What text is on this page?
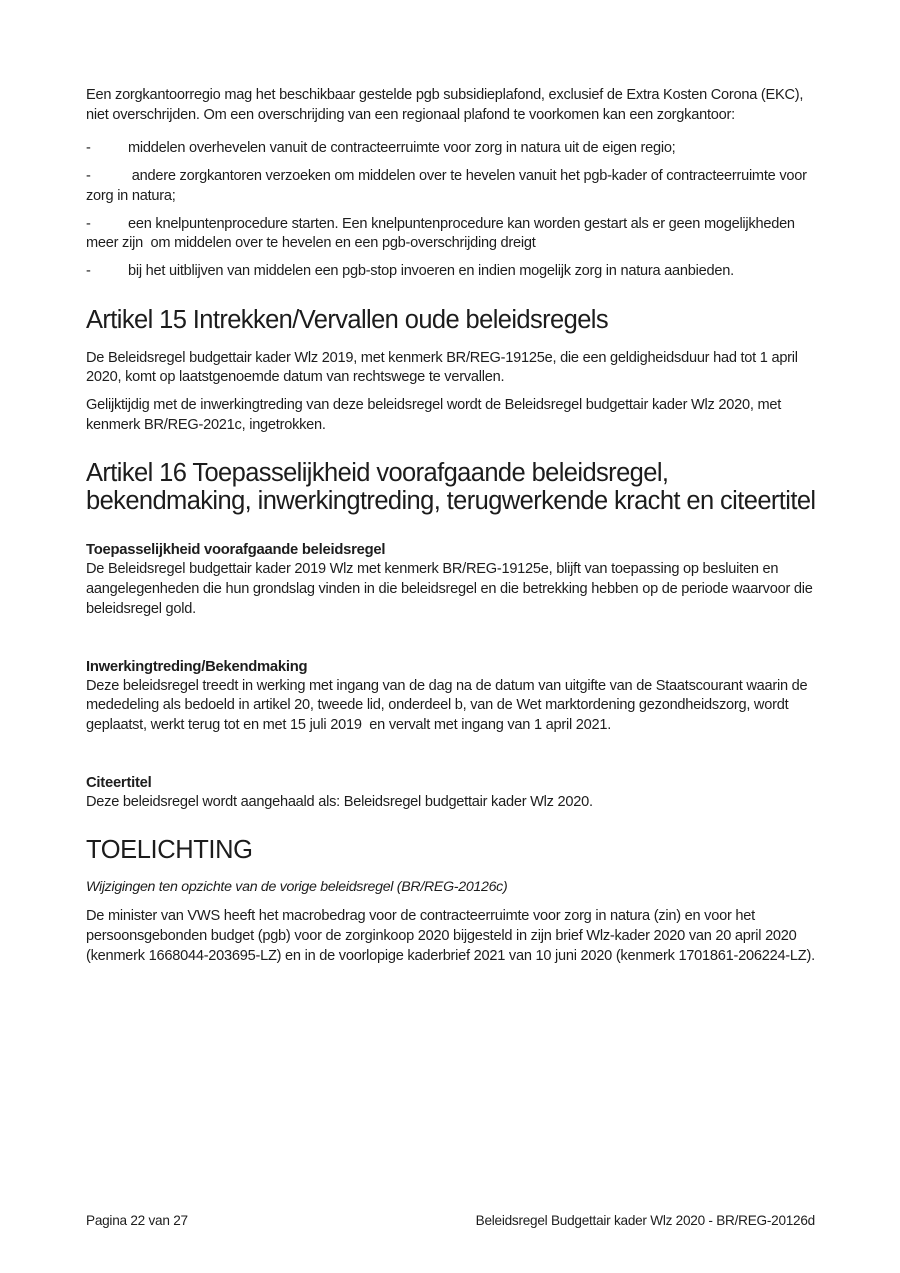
Een zorgkantoorregio mag het beschikbaar gestelde pgb subsidieplafond, exclusief de Extra Kosten Corona (EKC), niet overschrijden. Om een overschrijding van een regionaal plafond te voorkomen kan een zorgkantoor:

-	middelen overhevelen vanuit de contracteerruimte voor zorg in natura uit de eigen regio;
-	andere zorgkantoren verzoeken om middelen over te hevelen vanuit het pgb-kader of contracteerruimte voor zorg in natura;
-	een knelpuntenprocedure starten. Een knelpuntenprocedure kan worden gestart als er geen mogelijkheden meer zijn  om middelen over te hevelen en een pgb-overschrijding dreigt
-	bij het uitblijven van middelen een pgb-stop invoeren en indien mogelijk zorg in natura aanbieden.
Artikel 15 Intrekken/Vervallen oude beleidsregels

De Beleidsregel budgettair kader Wlz 2019, met kenmerk BR/REG-19125e, die een geldigheidsduur had tot 1 april 2020, komt op laatstgenoemde datum van rechtswege te vervallen.

Gelijktijdig met de inwerkingtreding van deze beleidsregel wordt de Beleidsregel budgettair kader Wlz 2020, met kenmerk BR/REG-2021c, ingetrokken.

Artikel 16 Toepasselijkheid voorafgaande beleidsregel, bekendmaking, inwerkingtreding, terugwerkende kracht en citeertitel
Toepasselijkheid voorafgaande beleidsregel

De Beleidsregel budgettair kader 2019 Wlz met kenmerk BR/REG-19125e, blijft van toepassing op besluiten en aangelegenheden die hun grondslag vinden in die beleidsregel en die betrekking hebben op de periode waarvoor die beleidsregel gold.

Inwerkingtreding/Bekendmaking

Deze beleidsregel treedt in werking met ingang van de dag na de datum van uitgifte van de Staatscourant waarin de mededeling als bedoeld in artikel 20, tweede lid, onderdeel b, van de Wet marktordening gezondheidszorg, wordt geplaatst, werkt terug tot en met 15 juli 2019  en vervalt met ingang van 1 april 2021.

Citeertitel

Deze beleidsregel wordt aangehaald als: Beleidsregel budgettair kader Wlz 2020.

TOELICHTING

Wijzigingen ten opzichte van de vorige beleidsregel (BR/REG-20126c)

De minister van VWS heeft het macrobedrag voor de contracteerruimte voor zorg in natura (zin) en voor het persoonsgebonden budget (pgb) voor de zorginkoop 2020 bijgesteld in zijn brief Wlz-kader 2020 van 20 april 2020 (kenmerk 1668044-203695-LZ) en in de voorlopige kaderbrief 2021 van 10 juni 2020 (kenmerk 1701861-206224-LZ).

Pagina 22 van 27	Beleidsregel Budgettair kader Wlz 2020 - BR/REG-20126d
